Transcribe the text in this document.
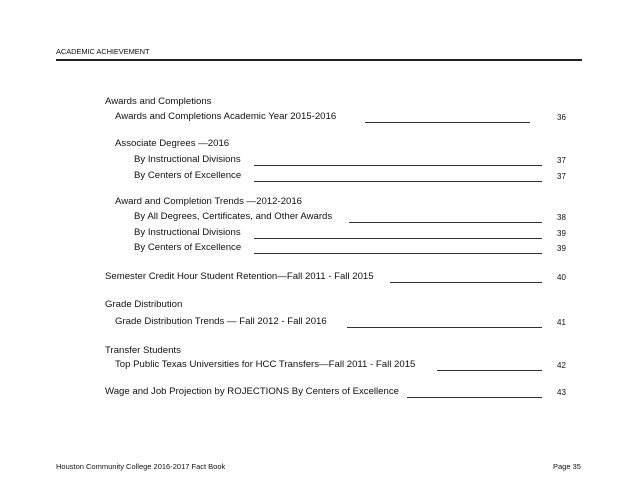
ACADEMIC ACHIEVEMENT
Awards and Completions
Awards and Completions Academic Year 2015-2016	36
Associate Degrees —2016
By Instructional Divisions	37
By Centers of Excellence	37
Award and Completion Trends —2012-2016
By All Degrees, Certificates, and Other Awards	38
By Instructional Divisions	39
By Centers of Excellence	39
Semester Credit Hour Student Retention—Fall 2011 - Fall 2015	40
Grade Distribution
Grade Distribution Trends — Fall 2012 - Fall 2016	41
Transfer Students
Top Public Texas Universities for HCC Transfers—Fall 2011 - Fall 2015	42
Wage and Job Projection by ROJECTIONS By Centers of Excellence	43
Houston Community College 2016-2017 Fact Book	Page 35
